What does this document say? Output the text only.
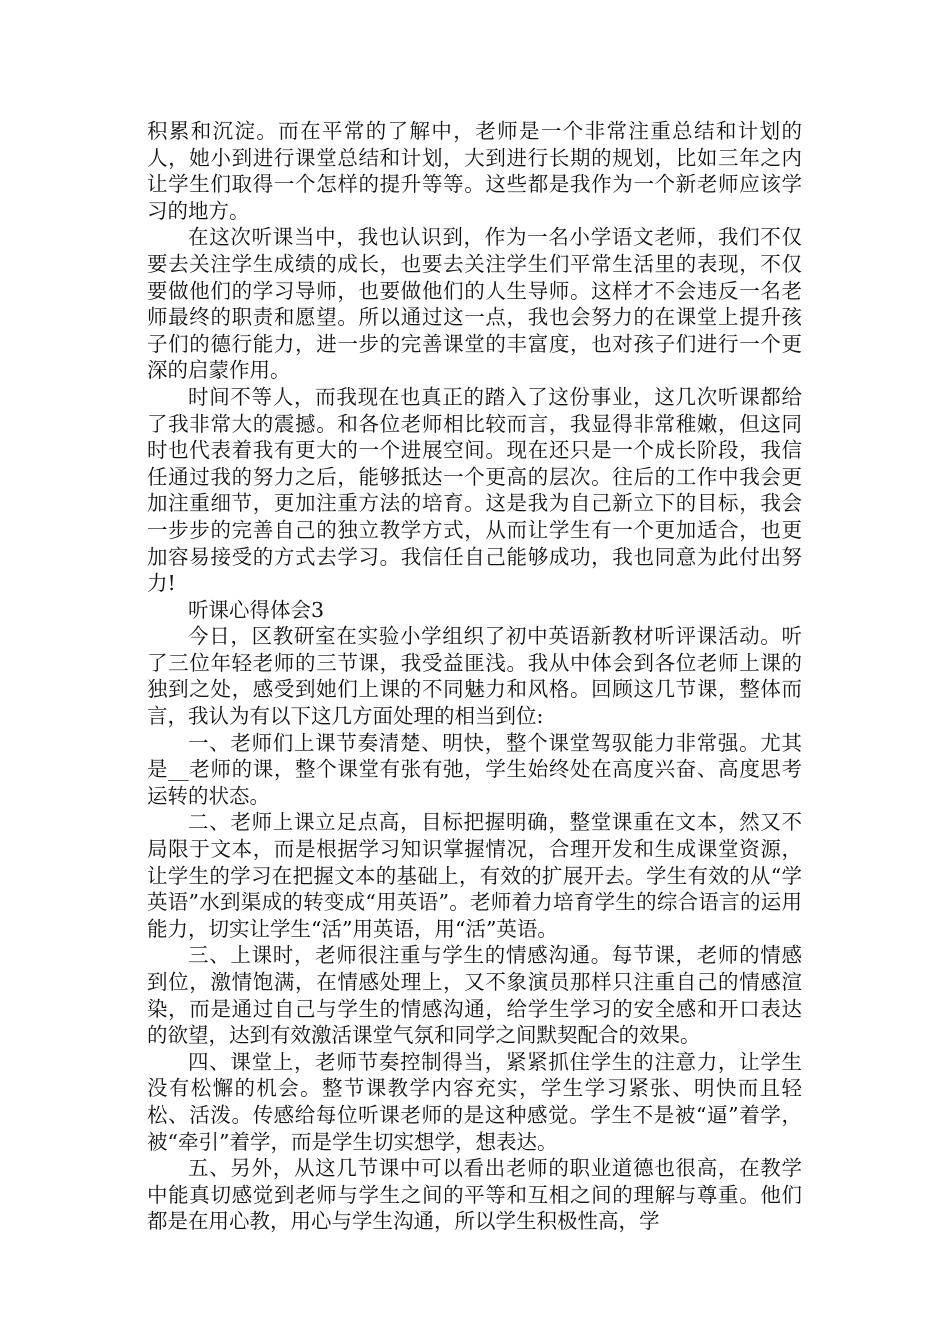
积累和沉淀。而在平常的了解中，老师是一个非常注重总结和计划的人，她小到进行课堂总结和计划，大到进行长期的规划，比如三年之内让学生们取得一个怎样的提升等等。这些都是我作为一个新老师应该学习的地方。

在这次听课当中，我也认识到，作为一名小学语文老师，我们不仅要去关注学生成绩的成长，也要去关注学生们平常生活里的表现，不仅要做他们的学习导师，也要做他们的人生导师。这样才不会违反一名老师最终的职责和愿望。所以通过这一点，我也会努力的在课堂上提升孩子们的德行能力，进一步的完善课堂的丰富度，也对孩子们进行一个更深的启蒙作用。

时间不等人，而我现在也真正的踏入了这份事业，这几次听课都给了我非常大的震撼。和各位老师相比较而言，我显得非常稚嫩，但这同时也代表着我有更大的一个进展空间。现在还只是一个成长阶段，我信任通过我的努力之后，能够抵达一个更高的层次。往后的工作中我会更加注重细节，更加注重方法的培育。这是我为自己新立下的目标，我会一步步的完善自己的独立教学方式，从而让学生有一个更加适合，也更加容易接受的方式去学习。我信任自己能够成功，我也同意为此付出努力!

听课心得体会3

今日，区教研室在实验小学组织了初中英语新教材听评课活动。听了三位年轻老师的三节课，我受益匪浅。我从中体会到各位老师上课的独到之处，感受到她们上课的不同魅力和风格。回顾这几节课，整体而言，我认为有以下这几方面处理的相当到位:

一、老师们上课节奏清楚、明快，整个课堂驾驭能力非常强。尤其是__老师的课，整个课堂有张有弛，学生始终处在高度兴奋、高度思考运转的状态。

二、老师上课立足点高，目标把握明确，整堂课重在文本，然又不局限于文本，而是根据学习知识掌握情况，合理开发和生成课堂资源，让学生的学习在把握文本的基础上，有效的扩展开去。学生有效的从“学英语”水到渠成的转变成“用英语”。老师着力培育学生的综合语言的运用能力，切实让学生“活”用英语，用“活”英语。

三、上课时，老师很注重与学生的情感沟通。每节课，老师的情感到位，激情饱满，在情感处理上，又不象演员那样只注重自己的情感渲染，而是通过自己与学生的情感沟通，给学生学习的安全感和开口表达的欲望，达到有效激活课堂气氛和同学之间默契配合的效果。

四、课堂上，老师节奏控制得当，紧紧抓住学生的注意力，让学生没有松懈的机会。整节课教学内容充实，学生学习紧张、明快而且轻松、活泼。传感给每位听课老师的是这种感觉。学生不是被“逼”着学，被“牵引”着学，而是学生切实想学，想表达。

五、另外，从这几节课中可以看出老师的职业道德也很高，在教学中能真切感觉到老师与学生之间的平等和互相之间的理解与尊重。他们都是在用心教，用心与学生沟通，所以学生积极性高，学
